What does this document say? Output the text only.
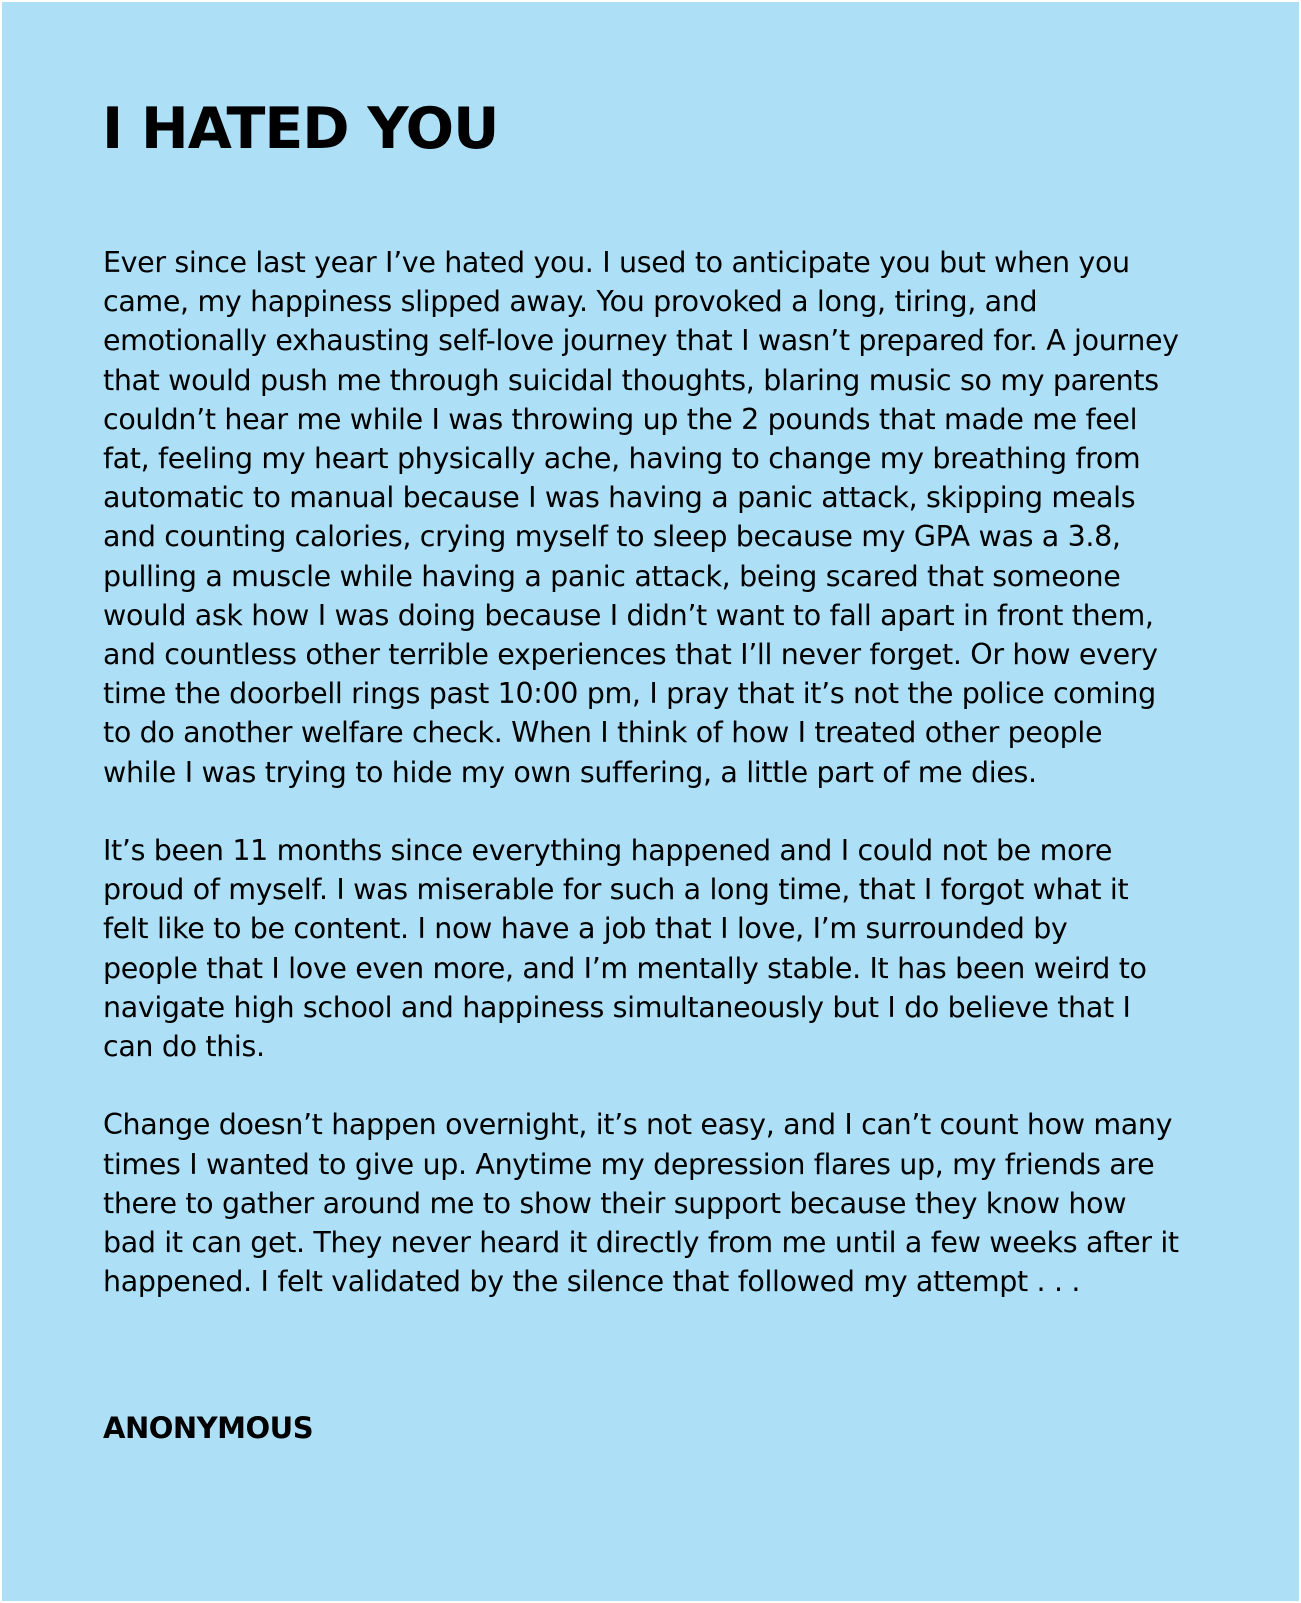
I HATED YOU

Ever since last year I’ve hated you. I used to anticipate you but when you
came, my happiness slipped away. You provoked a long, tiring, and
emotionally exhausting self-love journey that I wasn’t prepared for. A journey
that would push me through suicidal thoughts, blaring music so my parents
couldn’t hear me while I was throwing up the 2 pounds that made me feel
fat, feeling my heart physically ache, having to change my breathing from
automatic to manual because I was having a panic attack, skipping meals
and counting calories, crying myself to sleep because my GPA was a 3.8,
pulling a muscle while having a panic attack, being scared that someone
would ask how I was doing because I didn’t want to fall apart in front them,
and countless other terrible experiences that I’ll never forget. Or how every
time the doorbell rings past 10:00 pm, I pray that it’s not the police coming
to do another welfare check. When I think of how I treated other people
while I was trying to hide my own suffering, a little part of me dies.

It’s been 11 months since everything happened and I could not be more
proud of myself. I was miserable for such a long time, that I forgot what it
felt like to be content. I now have a job that I love, I’m surrounded by
people that I love even more, and I’m mentally stable. It has been weird to
navigate high school and happiness simultaneously but I do believe that I
can do this.

Change doesn’t happen overnight, it’s not easy, and I can’t count how many
times I wanted to give up. Anytime my depression flares up, my friends are
there to gather around me to show their support because they know how
bad it can get. They never heard it directly from me until a few weeks after it
happened. I felt validated by the silence that followed my attempt . . .

ANONYMOUS
